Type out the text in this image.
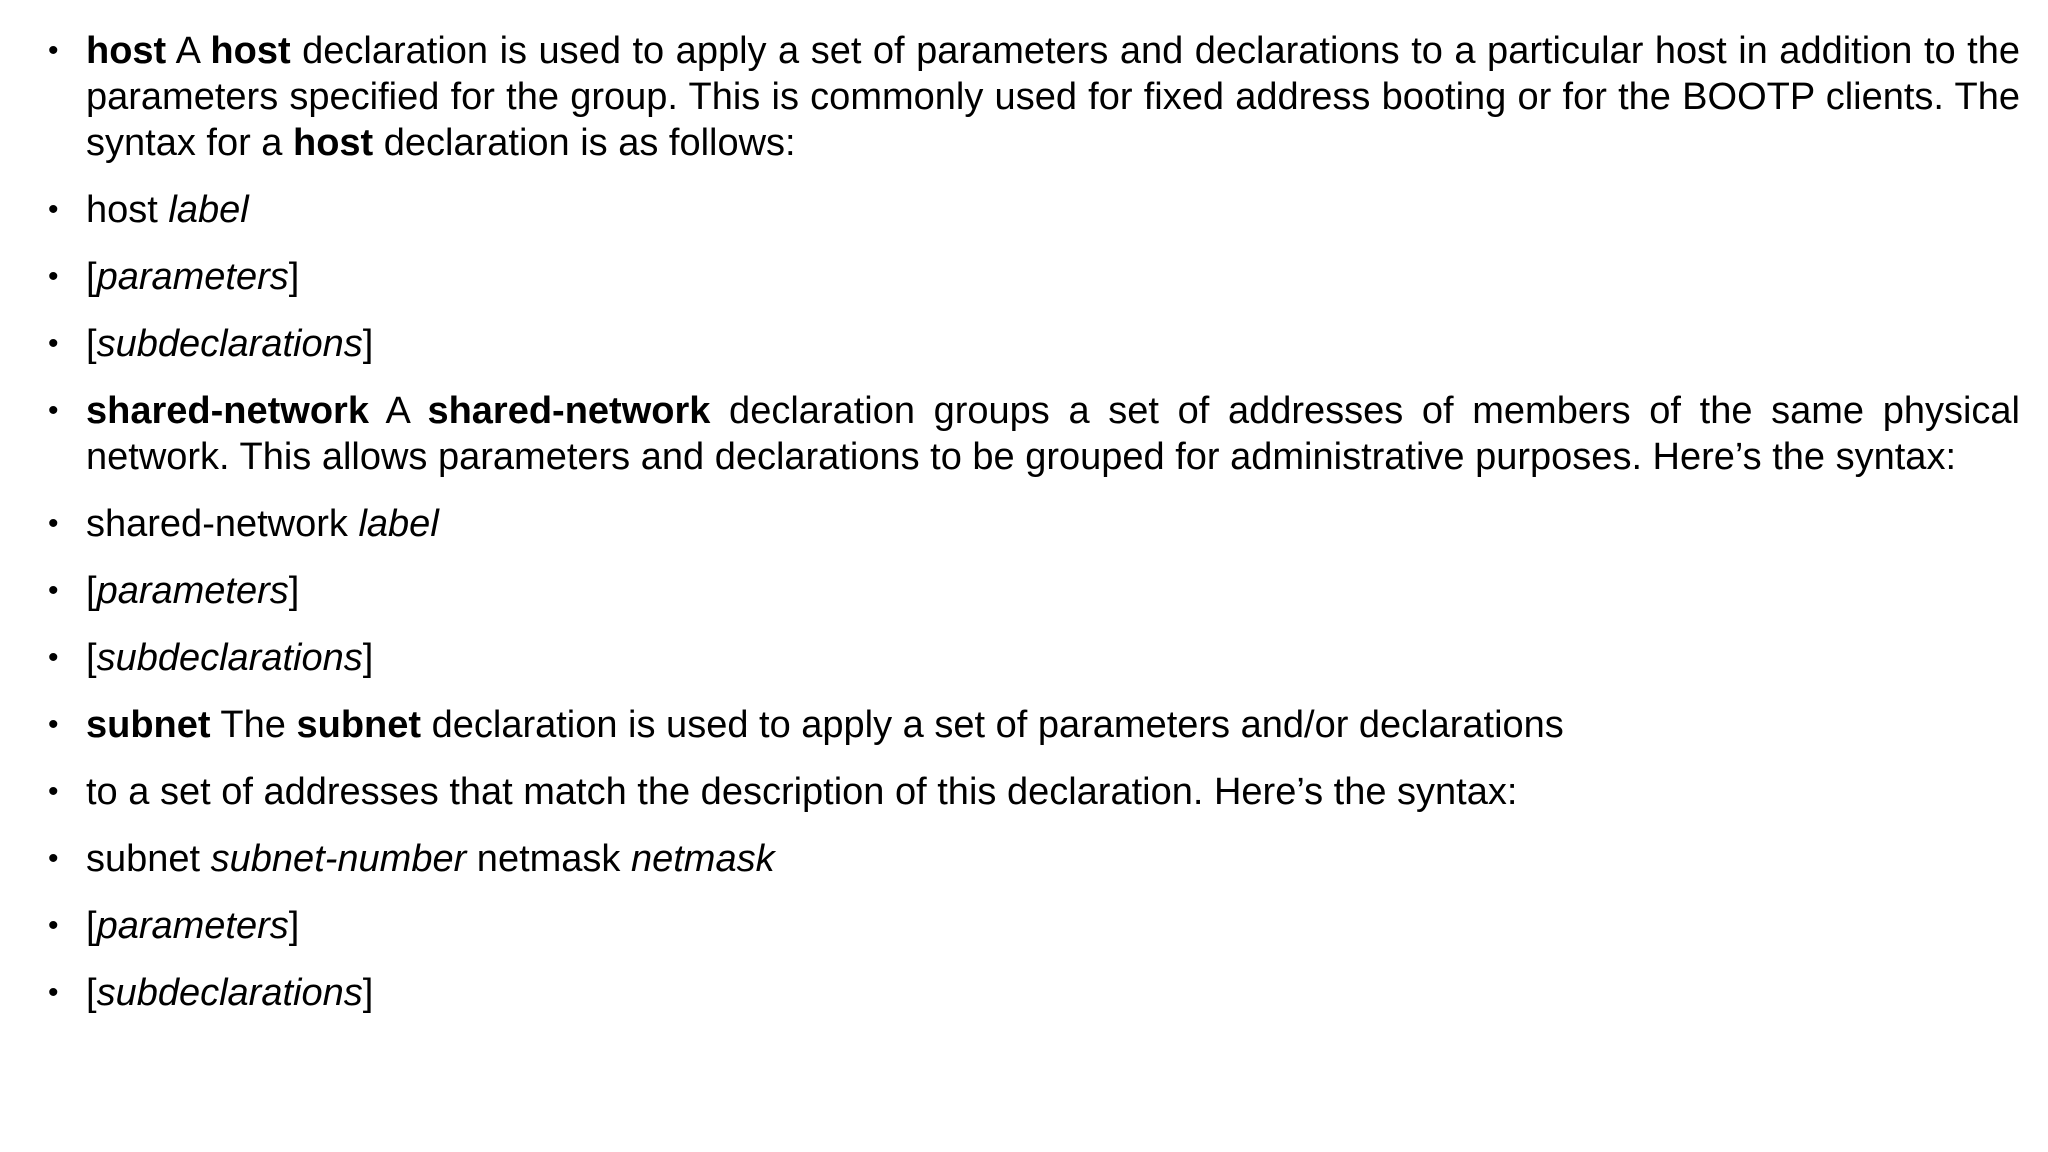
• host A host declaration is used to apply a set of parameters and declarations to a particular host in addition to the parameters specified for the group. This is commonly used for fixed address booting or for the BOOTP clients. The syntax for a host declaration is as follows:
• host label
• [parameters]
• [subdeclarations]
• shared-network A shared-network declaration groups a set of addresses of members of the same physical network. This allows parameters and declarations to be grouped for administrative purposes. Here’s the syntax:
• shared-network label
• [parameters]
• [subdeclarations]
• subnet The subnet declaration is used to apply a set of parameters and/or declarations
• to a set of addresses that match the description of this declaration. Here’s the syntax:
• subnet subnet-number netmask netmask
• [parameters]
• [subdeclarations]
